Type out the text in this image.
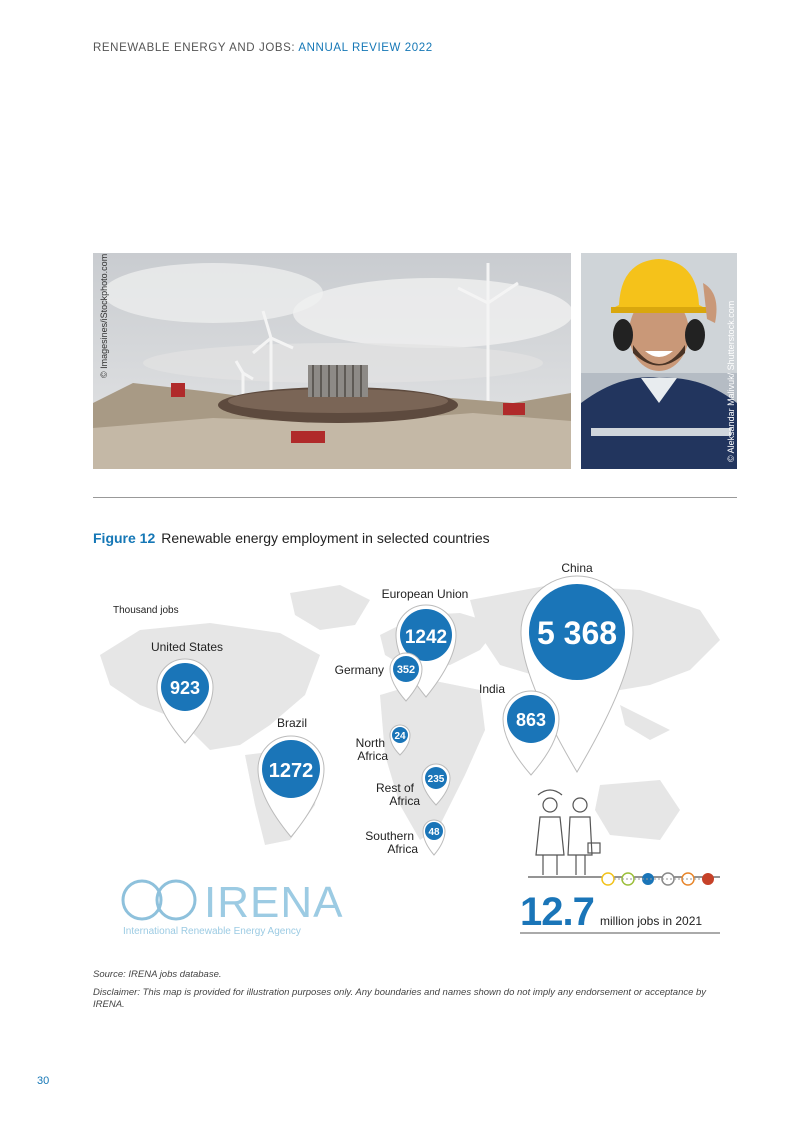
RENEWABLE ENERGY AND JOBS: ANNUAL REVIEW 2022
© Imagesines/iStockphoto.com	© Aleksandar Malivuk/ Shutterstock.com
Figure 12 Renewable energy employment in selected countries
Thousand jobs
5 368
China
1242
European Union
352
Germany
863
India
923
United States
1272
Brazil
24
North
Africa
235
Rest of
Africa
48
Southern
Africa
12.7 million jobs in 2021
IRENA
International Renewable Energy Agency
Source: IRENA jobs database.
Disclaimer: This map is provided for illustration purposes only. Any boundaries and names shown do not imply any endorsement or acceptance by IRENA.
30
